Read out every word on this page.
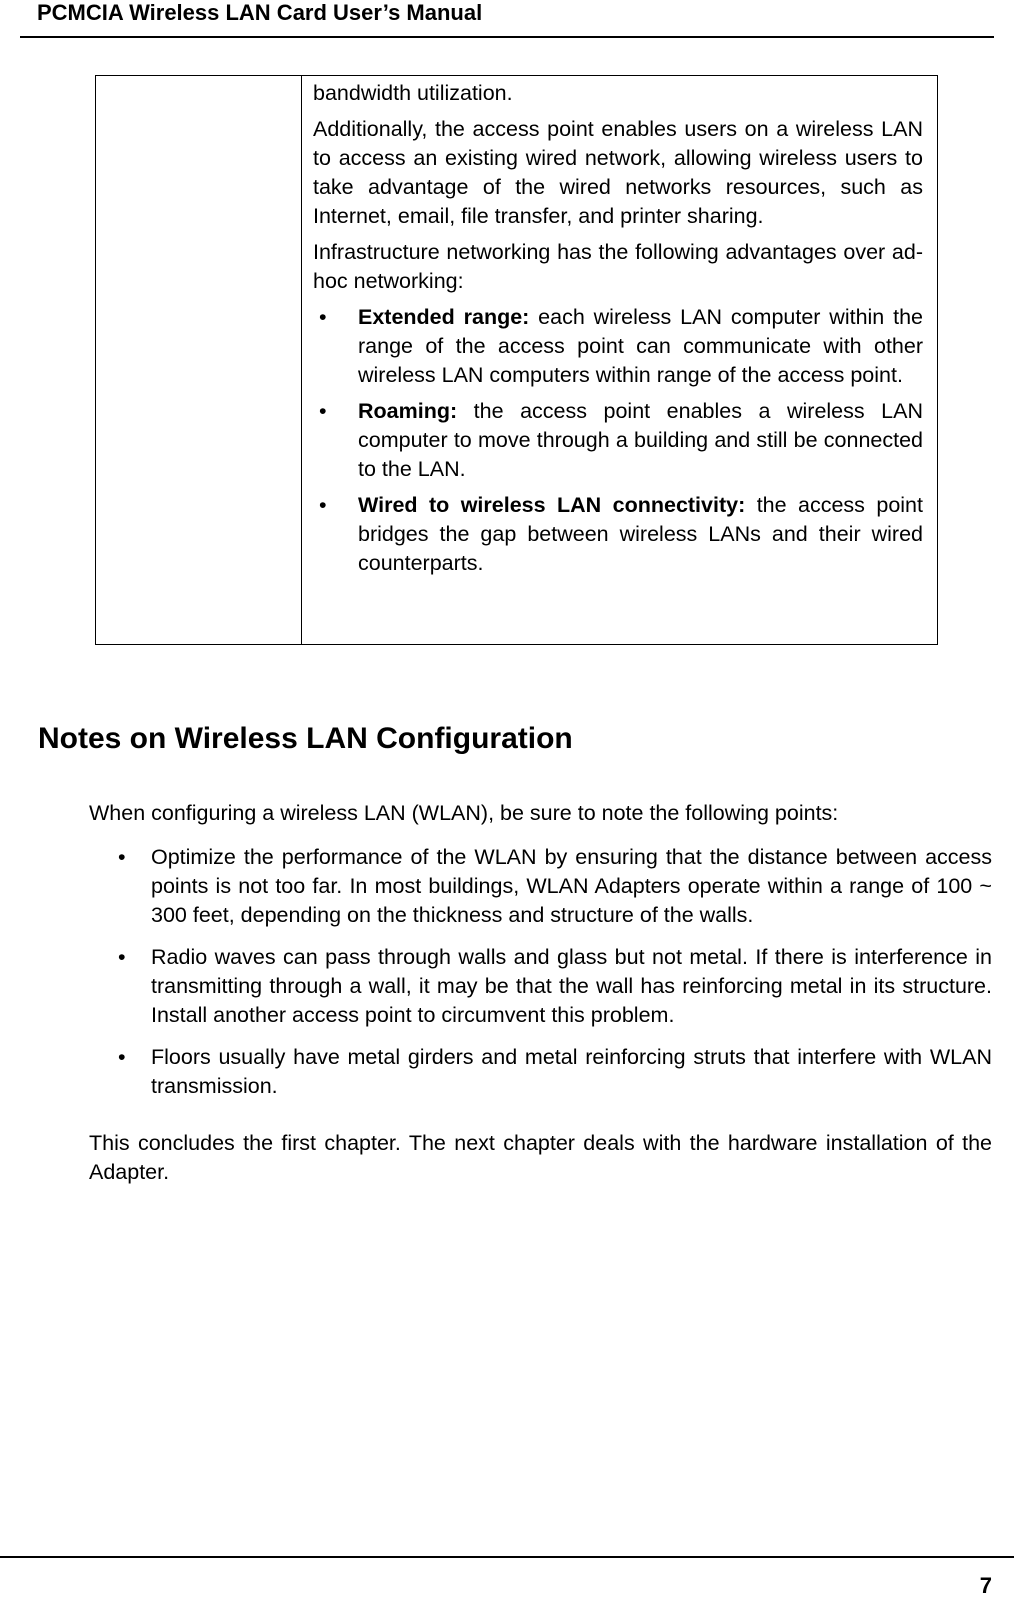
PCMCIA Wireless LAN Card User’s Manual

bandwidth utilization.

Additionally, the access point enables users on a wireless LAN to access an existing wired network, allowing wireless users to take advantage of the wired networks resources, such as Internet, email, file transfer, and printer sharing.

Infrastructure networking has the following advantages over ad-hoc networking:

• Extended range: each wireless LAN computer within the range of the access point can communicate with other wireless LAN computers within range of the access point.
• Roaming: the access point enables a wireless LAN computer to move through a building and still be connected to the LAN.
• Wired to wireless LAN connectivity: the access point bridges the gap between wireless LANs and their wired counterparts.
Notes on Wireless LAN Configuration

When configuring a wireless LAN (WLAN), be sure to note the following points:

• Optimize the performance of the WLAN by ensuring that the distance between access points is not too far. In most buildings, WLAN Adapters operate within a range of 100 ~ 300 feet, depending on the thickness and structure of the walls.
• Radio waves can pass through walls and glass but not metal. If there is interference in transmitting through a wall, it may be that the wall has reinforcing metal in its structure. Install another access point to circumvent this problem.
• Floors usually have metal girders and metal reinforcing struts that interfere with WLAN transmission.

This concludes the first chapter. The next chapter deals with the hardware installation of the Adapter.

7
